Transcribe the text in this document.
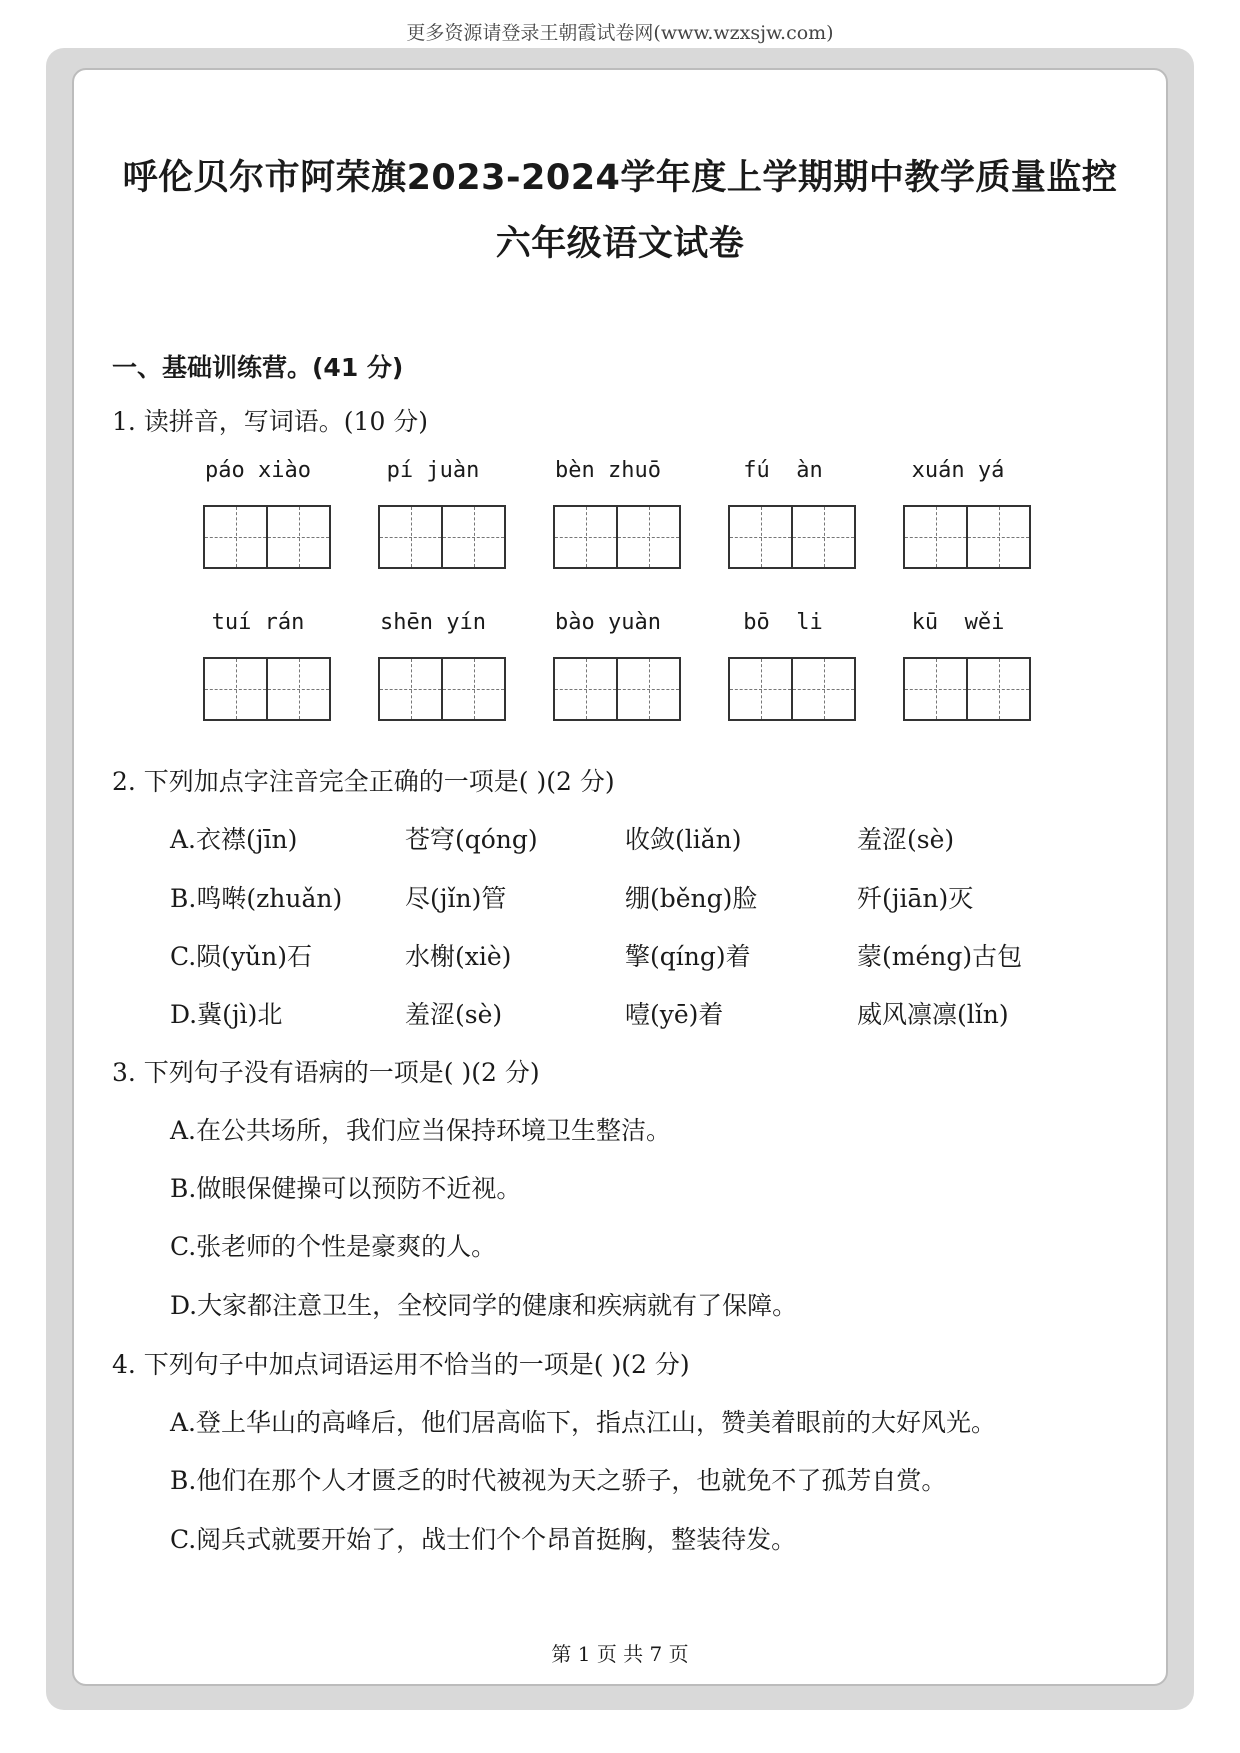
更多资源请登录王朝霞试卷网(www.wzxsjw.com)
呼伦贝尔市阿荣旗2023-2024学年度上学期期中教学质量监控
六年级语文试卷
一、基础训练营。(41 分)
1. 读拼音，写词语。(10 分)
páo xiào	pí juàn	bèn zhuō	fú  àn	xuán yá
tuí rán	shēn yín	bào yuàn	bō  li	kū  wěi
2. 下列加点字注音完全正确的一项是( )(2 分)
A.衣襟(jīn)	苍穹(qóng)	收敛(liǎn)	羞涩(sè)
B.鸣啭(zhuǎn)	尽(jǐn)管	绷(běng)脸	歼(jiān)灭
C.陨(yǔn)石	水榭(xiè)	擎(qíng)着	蒙(méng)古包
D.冀(jì)北	羞涩(sè)	噎(yē)着	威风凛凛(lǐn)
3. 下列句子没有语病的一项是( )(2 分)
A.在公共场所，我们应当保持环境卫生整洁。
B.做眼保健操可以预防不近视。
C.张老师的个性是豪爽的人。
D.大家都注意卫生，全校同学的健康和疾病就有了保障。
4. 下列句子中加点词语运用不恰当的一项是( )(2 分)
A.登上华山的高峰后，他们居高临下，指点江山，赞美着眼前的大好风光。
B.他们在那个人才匮乏的时代被视为天之骄子，也就免不了孤芳自赏。
C.阅兵式就要开始了，战士们个个昂首挺胸，整装待发。
第 1 页 共 7 页
